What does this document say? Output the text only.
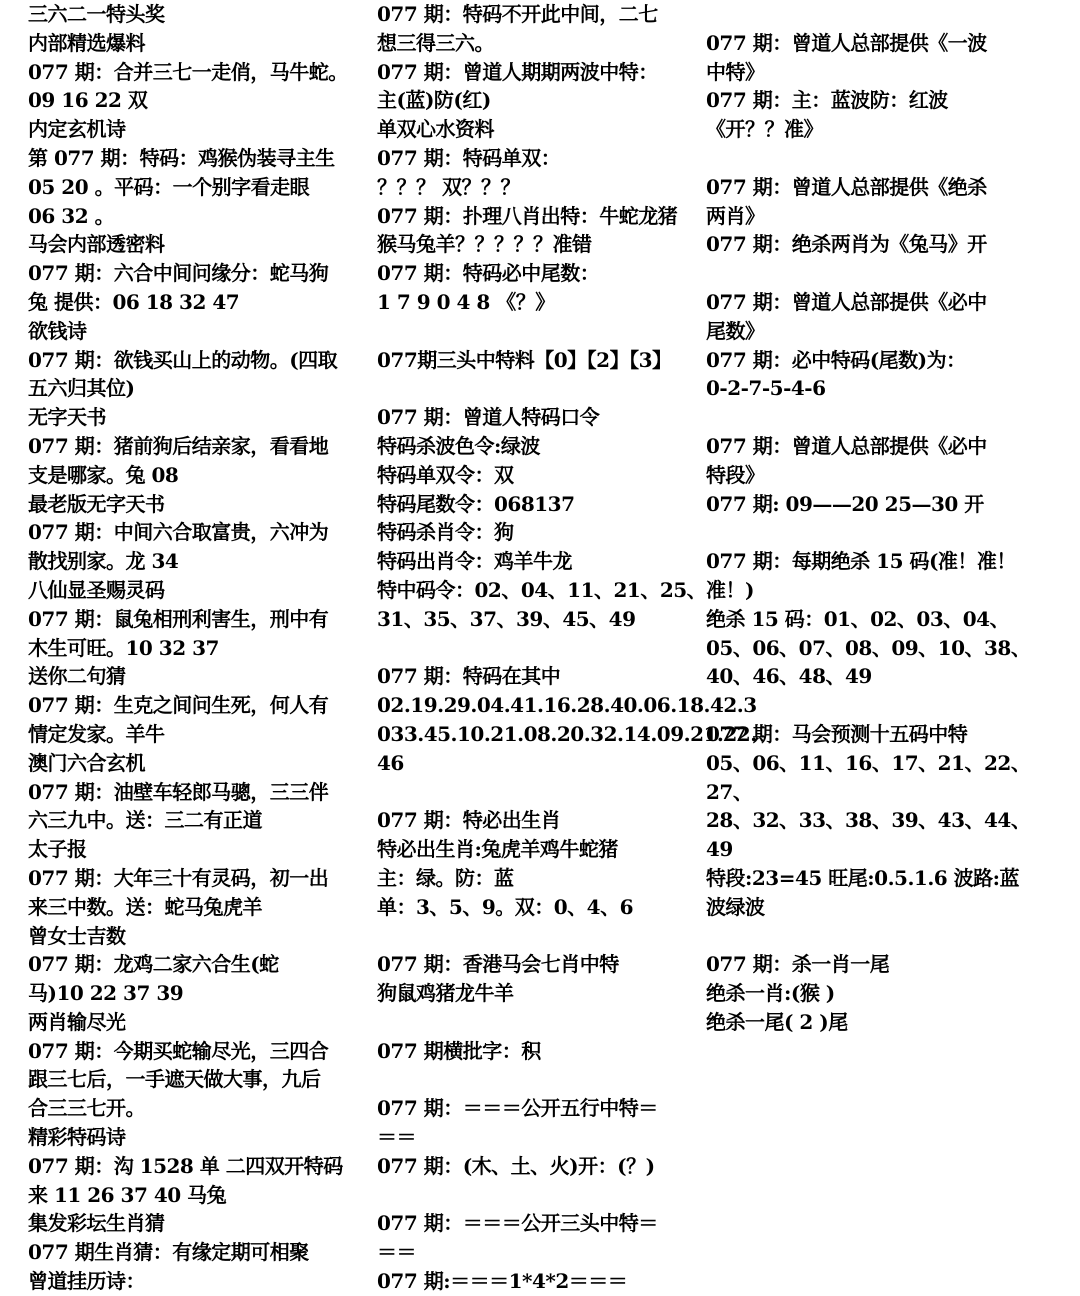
三六二一特头奖
内部精选爆料
077 期：合并三七一走俏，马牛蛇。
09 16 22 双
内定玄机诗
第 077 期：特码：鸡猴伪装寻主生
05 20 。平码：一个别字看走眼
06 32 。
马会内部透密料
077 期：六合中间问缘分：蛇马狗
兔 提供：06 18 32 47
欲钱诗
077 期：欲钱买山上的动物。(四取
五六归其位)
无字天书
077 期：猪前狗后结亲家，看看地
支是哪家。兔 08
最老版无字天书
077 期：中间六合取富贵，六冲为
散找别家。龙 34
八仙显圣赐灵码
077 期：鼠兔相刑利害生，刑中有
木生可旺。10 32 37
送你二句猜
077 期：生克之间问生死，何人有
情定发家。羊牛
澳门六合玄机
077 期：油壁车轻郎马骢，三三伴
六三九中。送：三二有正道
太子报
077 期：大年三十有灵码，初一出
来三中数。送：蛇马兔虎羊
曾女士吉数
077 期：龙鸡二家六合生(蛇
马)10 22 37 39
两肖输尽光
077 期：今期买蛇输尽光，三四合
跟三七后，一手遮天做大事，九后
合三三七开。
精彩特码诗
077 期：沟 1528 单 二四双开特码
来 11 26 37 40 马兔
集发彩坛生肖猜
077 期生肖猜：有缘定期可相聚
曾道挂历诗：
077 期：特码不开此中间，二七
想三得三六。
077 期：曾道人期期两波中特：
主(蓝)防(红)
单双心水资料
077 期：特码单双：
？？？ 双？？？
077 期：扑理八肖出特：牛蛇龙猪
猴马兔羊？？？？？准错
077 期：特码必中尾数：
1 7 9 0 4 8 《？》
077期三头中特料【0】【2】【3】
077 期：曾道人特码口令
特码杀波色令:绿波
特码单双令：双
特码尾数令：068137
特码杀肖令：狗
特码出肖令：鸡羊牛龙
特中码令：02、04、11、21、25、
31、35、37、39、45、49
077 期：特码在其中
02.19.29.04.41.16.28.40.06.18.42.3
033.45.10.21.08.20.32.14.09.21.22.
46
077 期：特必出生肖
特必出生肖:兔虎羊鸡牛蛇猪
主：绿。防：蓝
单：3、5、9。双：0、4、6
077 期：香港马会七肖中特
狗鼠鸡猪龙牛羊
077 期横批字：积
077 期：＝＝＝公开五行中特＝
＝＝
077 期：(木、土、火)开：(？)
077 期：＝＝＝公开三头中特＝
＝＝
077 期:＝＝＝1*4*2＝＝＝
077 期：曾道人总部提供《一波
中特》
077 期：主：蓝波防：红波
《开？？准》
077 期：曾道人总部提供《绝杀
两肖》
077 期：绝杀两肖为《兔马》开
077 期：曾道人总部提供《必中
尾数》
077 期：必中特码(尾数)为：
0-2-7-5-4-6
077 期：曾道人总部提供《必中
特段》
077 期: 09——20 25—30 开
077 期：每期绝杀 15 码(准！准！
准！)
绝杀 15 码：01、02、03、04、
05、06、07、08、09、10、38、
40、46、48、49
077 期：马会预测十五码中特
05、06、11、16、17、21、22、
27、
28、32、33、38、39、43、44、
49
特段:23=45 旺尾:0.5.1.6 波路:蓝
波绿波
077 期：杀一肖一尾
绝杀一肖:(猴 )
绝杀一尾( 2 )尾
